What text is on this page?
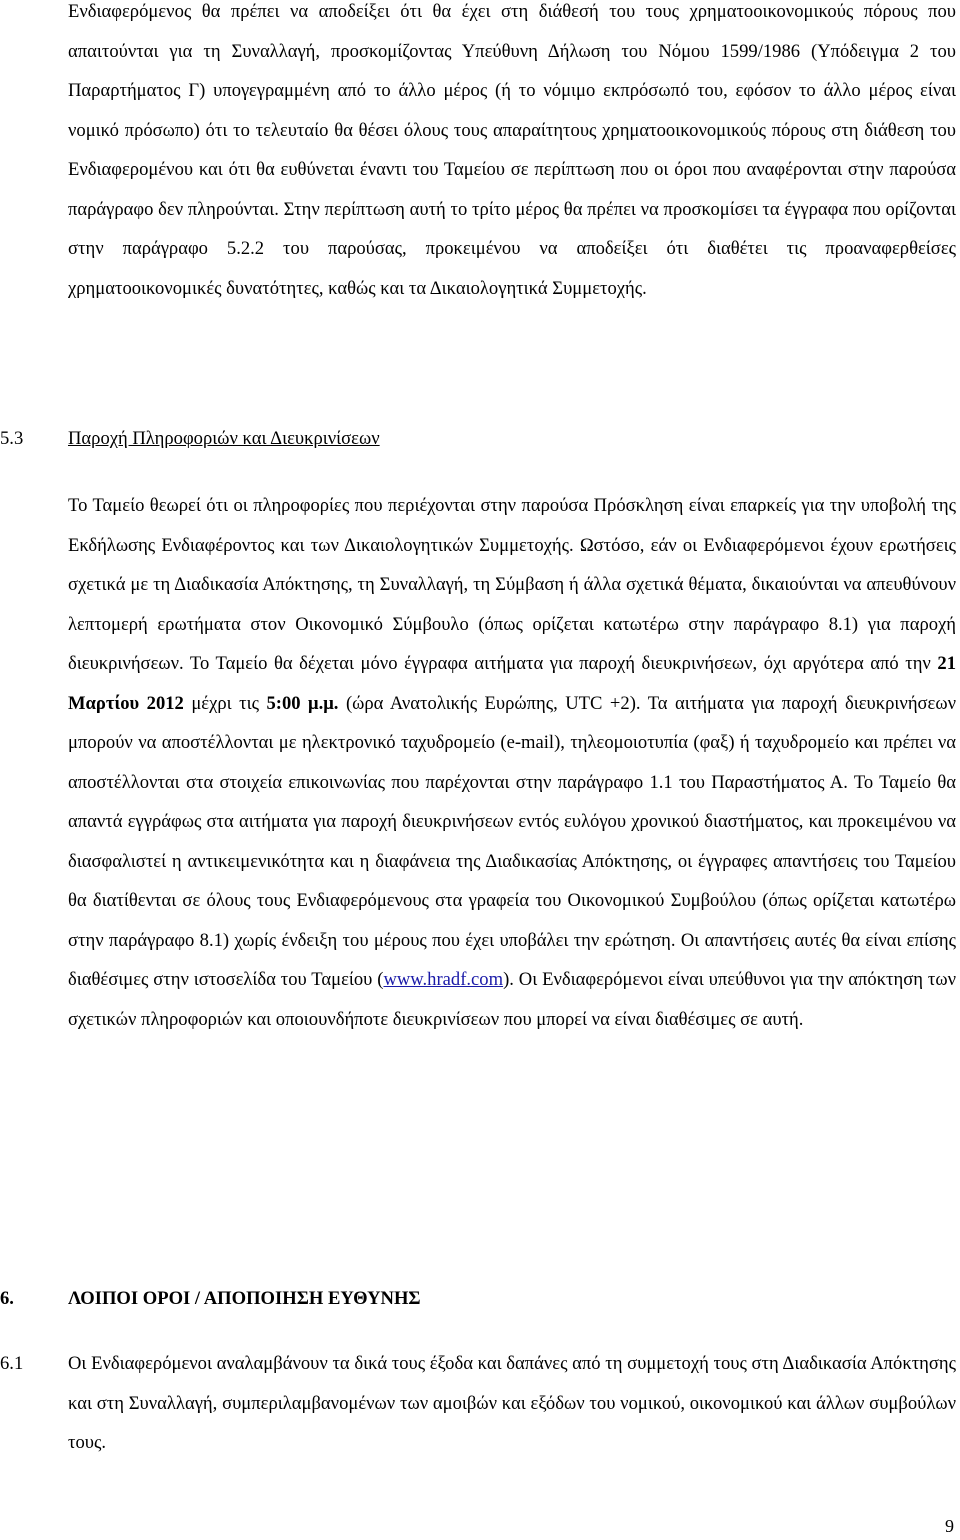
Ενδιαφερόμενος θα πρέπει να αποδείξει ότι θα έχει στη διάθεσή του τους χρηματοοικονομικούς πόρους που απαιτούνται για τη Συναλλαγή, προσκομίζοντας Υπεύθυνη Δήλωση του Νόμου 1599/1986 (Υπόδειγμα 2 του Παραρτήματος Γ) υπογεγραμμένη από το άλλο μέρος (ή το νόμιμο εκπρόσωπό του, εφόσον το άλλο μέρος είναι νομικό πρόσωπο) ότι το τελευταίο θα θέσει όλους τους απαραίτητους χρηματοοικονομικούς πόρους στη διάθεση του Ενδιαφερομένου και ότι θα ευθύνεται έναντι του Ταμείου σε περίπτωση που οι όροι που αναφέρονται στην παρούσα παράγραφο δεν πληρούνται. Στην περίπτωση αυτή το τρίτο μέρος θα πρέπει να προσκομίσει τα έγγραφα που ορίζονται στην παράγραφο 5.2.2 του παρούσας, προκειμένου να αποδείξει ότι διαθέτει τις προαναφερθείσες χρηματοοικονομικές δυνατότητες, καθώς και τα Δικαιολογητικά Συμμετοχής.

5.3 Παροχή Πληροφοριών και Διευκρινίσεων

Το Ταμείο θεωρεί ότι οι πληροφορίες που περιέχονται στην παρούσα Πρόσκληση είναι επαρκείς για την υποβολή της Εκδήλωσης Ενδιαφέροντος και των Δικαιολογητικών Συμμετοχής. Ωστόσο, εάν οι Ενδιαφερόμενοι έχουν ερωτήσεις σχετικά με τη Διαδικασία Απόκτησης, τη Συναλλαγή, τη Σύμβαση ή άλλα σχετικά θέματα, δικαιούνται να απευθύνουν λεπτομερή ερωτήματα στον Οικονομικό Σύμβουλο (όπως ορίζεται κατωτέρω στην παράγραφο 8.1) για παροχή διευκρινήσεων. Το Ταμείο θα δέχεται μόνο έγγραφα αιτήματα για παροχή διευκρινήσεων, όχι αργότερα από την 21 Μαρτίου 2012 μέχρι τις 5:00 μ.μ. (ώρα Ανατολικής Ευρώπης, UTC +2). Τα αιτήματα για παροχή διευκρινήσεων μπορούν να αποστέλλονται με ηλεκτρονικό ταχυδρομείο (e-mail), τηλεομοιοτυπία (φαξ) ή ταχυδρομείο και πρέπει να αποστέλλονται στα στοιχεία επικοινωνίας που παρέχονται στην παράγραφο 1.1 του Παραστήματος Α. Το Ταμείο θα απαντά εγγράφως στα αιτήματα για παροχή διευκρινήσεων εντός ευλόγου χρονικού διαστήματος, και προκειμένου να διασφαλιστεί η αντικειμενικότητα και η διαφάνεια της Διαδικασίας Απόκτησης, οι έγγραφες απαντήσεις του Ταμείου θα διατίθενται σε όλους τους Ενδιαφερόμενους στα γραφεία του Οικονομικού Συμβούλου (όπως ορίζεται κατωτέρω στην παράγραφο 8.1) χωρίς ένδειξη του μέρους που έχει υποβάλει την ερώτηση. Οι απαντήσεις αυτές θα είναι επίσης διαθέσιμες στην ιστοσελίδα του Ταμείου (www.hradf.com). Οι Ενδιαφερόμενοι είναι υπεύθυνοι για την απόκτηση των σχετικών πληροφοριών και οποιουνδήποτε διευκρινίσεων που μπορεί να είναι διαθέσιμες σε αυτή.

6.	ΛΟΙΠΟΙ ΟΡΟΙ / ΑΠΟΠΟΙΗΣΗ ΕΥΘΥΝΗΣ
6.1 Οι Ενδιαφερόμενοι αναλαμβάνουν τα δικά τους έξοδα και δαπάνες από τη συμμετοχή τους στη Διαδικασία Απόκτησης και στη Συναλλαγή, συμπεριλαμβανομένων των αμοιβών και εξόδων του νομικού, οικονομικού και άλλων συμβούλων τους.

9
